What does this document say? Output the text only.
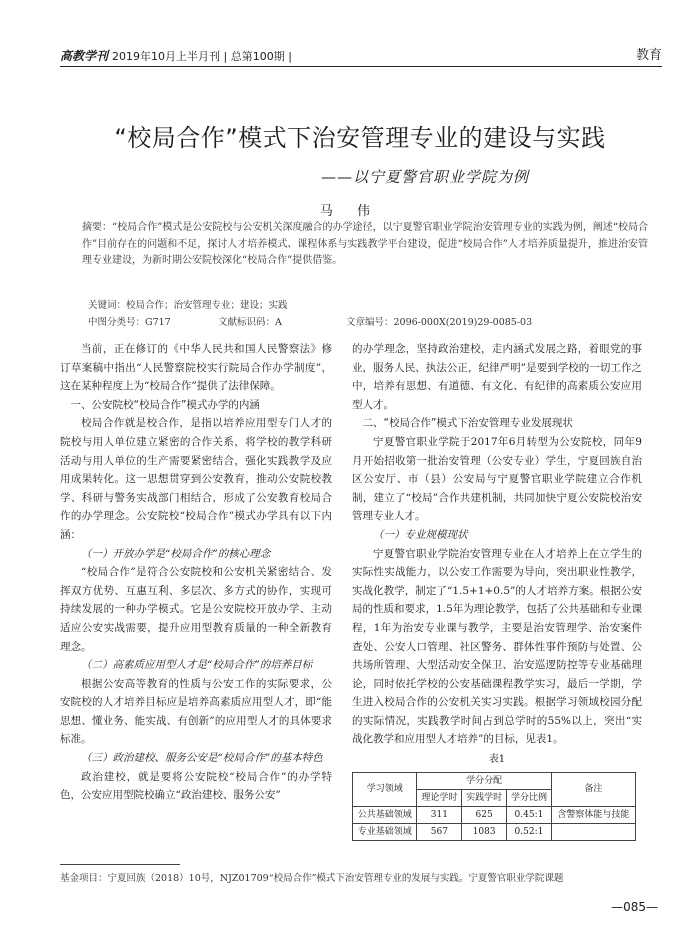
高教学刊 2019年10月上半月刊 | 总第100期 |	教育
“校局合作”模式下治安管理专业的建设与实践
——以宁夏警官职业学院为例
马 伟
摘要：“校局合作”模式是公安院校与公安机关深度融合的办学途径，以宁夏警官职业学院治安管理专业的实践为例，阐述“校局合作”目前存在的问题和不足，探讨人才培养模式、课程体系与实践教学平台建设，促进“校局合作”人才培养质量提升，推进治安管理专业建设，为新时期公安院校深化“校局合作”提供借鉴。
关键词：校局合作；治安管理专业；建设；实践
中图分类号：G717	文献标识码：A	文章编号：2096-000X(2019)29-0085-03

当前，正在修订的《中华人民共和国人民警察法》修订草案稿中指出“人民警察院校实行院局合作办学制度”，这在某种程度上为“校局合作”提供了法律保障。

一、公安院校“校局合作”模式办学的内涵

校局合作就是校合作，是指以培养应用型专门人才的院校与用人单位建立紧密的合作关系，将学校的教学科研活动与用人单位的生产需要紧密结合，强化实践教学及应用成果转化。这一思想贯穿到公安教育，推动公安院校教学、科研与警务实战部门相结合，形成了公安教育校局合作的办学理念。公安院校“校局合作”模式办学具有以下内涵：

（一）开放办学是“校局合作”的核心理念

“校局合作”是符合公安院校和公安机关紧密结合、发挥双方优势、互惠互利、多层次、多方式的协作，实现可持续发展的一种办学模式。它是公安院校开放办学、主动适应公安实战需要，提升应用型教育质量的一种全新教育理念。

（二）高素质应用型人才是“校局合作”的培养目标

根据公安高等教育的性质与公安工作的实际要求，公安院校的人才培养目标应是培养高素质应用型人才，即“能思想、懂业务、能实战、有创新”的应用型人才的具体要求标准。

（三）政治建校、服务公安是“校局合作”的基本特色

政治建校，就是要将公安院校“校局合作”的办学特色，公安应用型院校确立“政治建校、服务公安”

的办学理念，坚持政治建校，走内涵式发展之路，着眼党的事业，服务人民、执法公正，纪律严明”是要到学校的一切工作之中，培养有思想、有道德、有文化、有纪律的高素质公安应用型人才。

二、“校局合作”模式下治安管理专业发展现状

宁夏警官职业学院于2017年6月转型为公安院校，同年9月开始招收第一批治安管理（公安专业）学生，宁夏回族自治区公安厅、市（县）公安局与宁夏警官职业学院建立合作机制，建立了“校局”合作共建机制，共同加快宁夏公安院校治安管理专业人才。

（一）专业规模现状

宁夏警官职业学院治安管理专业在人才培养上在立学生的实际性实战能力，以公安工作需要为导向，突出职业性教学，实战化教学，制定了“1.5+1+0.5”的人才培养方案。根据公安局的性质和要求，1.5年为理论教学，包括了公共基础和专业课程，1年为治安专业课与教学，主要是治安管理学、治安案件查处、公安人口管理、社区警务、群体性事件预防与处置、公共场所管理、大型活动安全保卫、治安巡逻防控等专业基础理论，同时依托学校的公安基础课程教学实习，最后一学期，学生进入校局合作的公安机关实习实践。根据学习领域校园分配的实际情况，实践教学时间占到总学时的55%以上，突出“实战化教学和应用型人才培养”的目标，见表1。

表1
学习领域	学分分配			备注
	理论学时	实践学时	学分比例	
公共基础领域	311	625	0.45:1	含警察体能与技能
专业基础领域	567	1083	0.52:1	
基金项目：宁夏回族（2018）10号，NJZ01709“校局合作”模式下治安管理专业的发展与实践。宁夏警官职业学院课题
—085—
